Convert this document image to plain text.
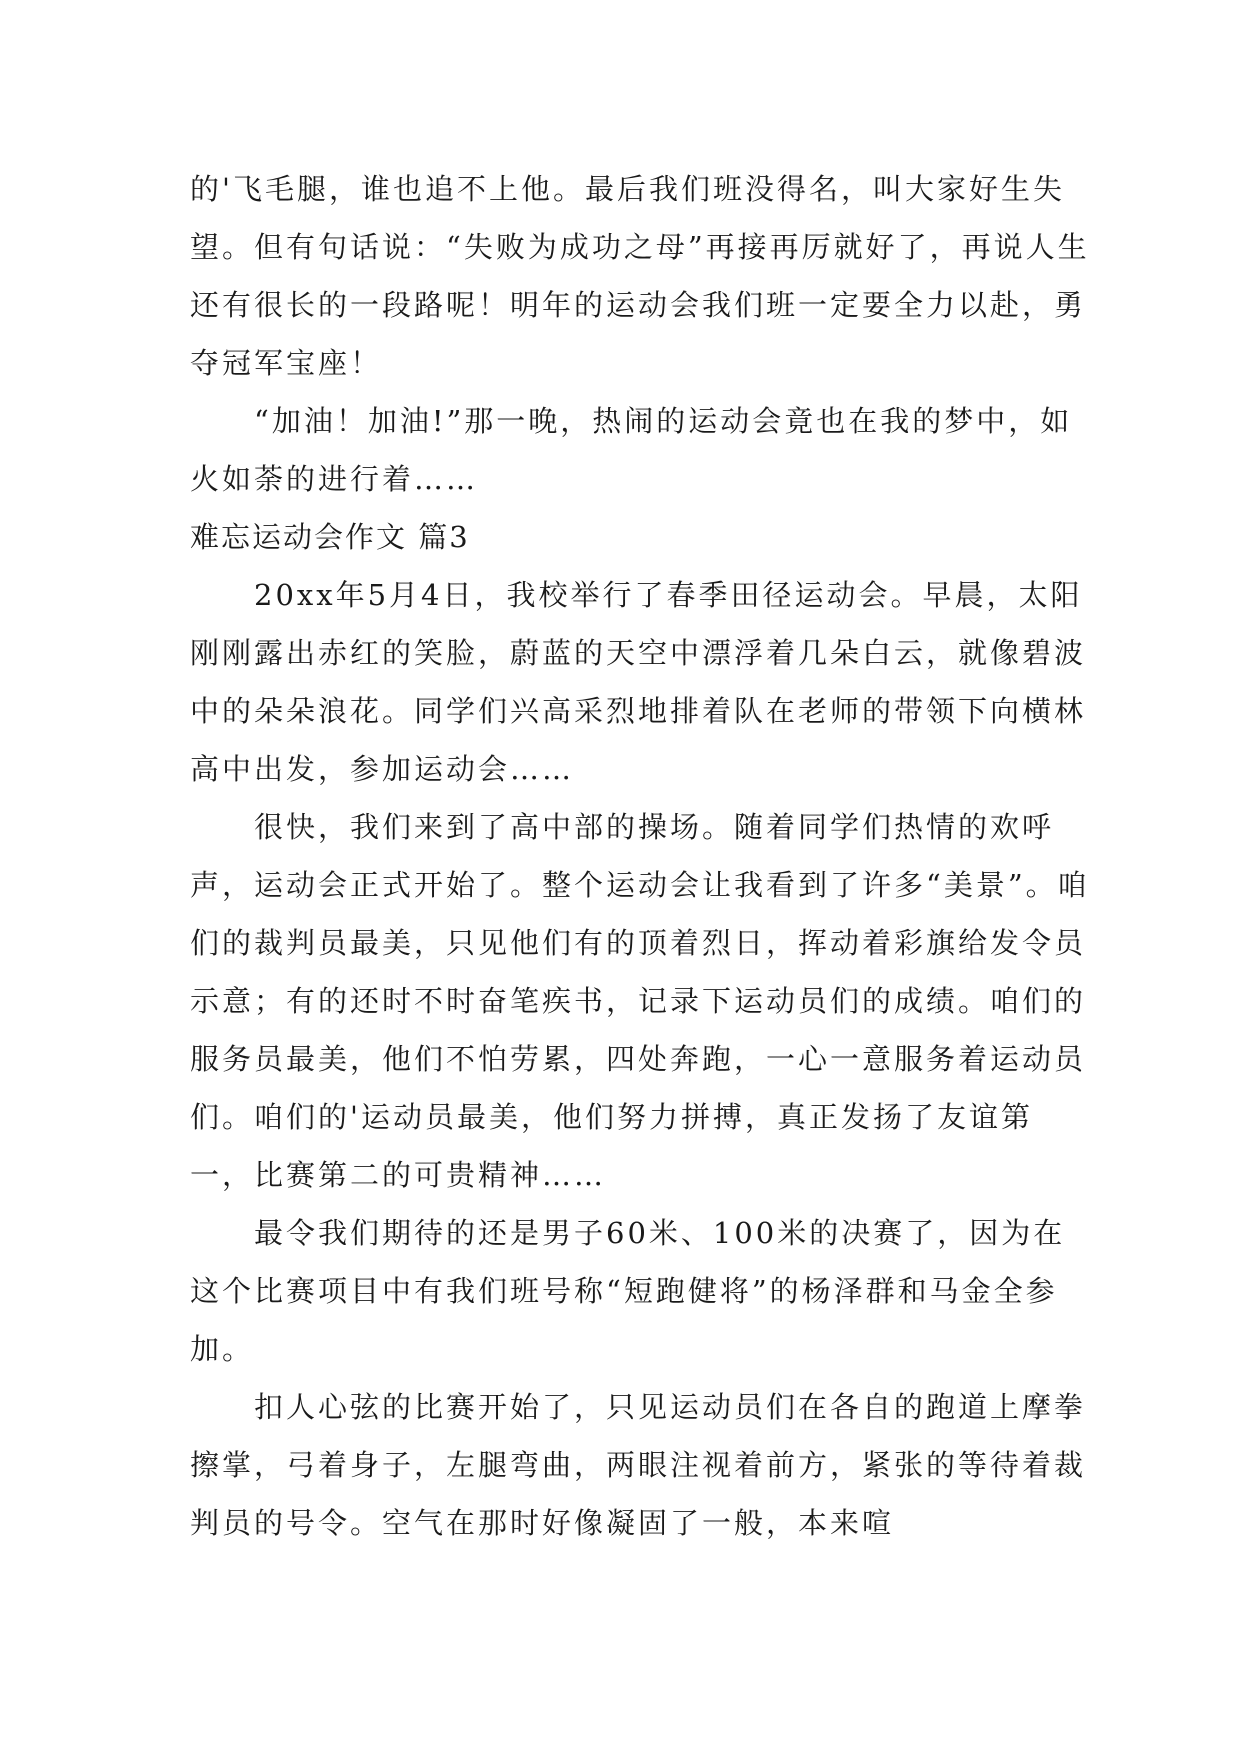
的'飞毛腿，谁也追不上他。最后我们班没得名，叫大家好生失望。但有句话说：“失败为成功之母”再接再厉就好了，再说人生还有很长的一段路呢！明年的运动会我们班一定要全力以赴，勇夺冠军宝座！

“加油！加油!”那一晚，热闹的运动会竟也在我的梦中，如火如荼的进行着……

难忘运动会作文 篇3

20xx年5月4日，我校举行了春季田径运动会。早晨，太阳刚刚露出赤红的笑脸，蔚蓝的天空中漂浮着几朵白云，就像碧波中的朵朵浪花。同学们兴高采烈地排着队在老师的带领下向横林高中出发，参加运动会……

很快，我们来到了高中部的操场。随着同学们热情的欢呼声，运动会正式开始了。整个运动会让我看到了许多“美景”。咱们的裁判员最美，只见他们有的顶着烈日，挥动着彩旗给发令员示意；有的还时不时奋笔疾书，记录下运动员们的成绩。咱们的服务员最美，他们不怕劳累，四处奔跑，一心一意服务着运动员们。咱们的'运动员最美，他们努力拼搏，真正发扬了友谊第一，比赛第二的可贵精神……

最令我们期待的还是男子60米、100米的决赛了，因为在这个比赛项目中有我们班号称“短跑健将”的杨泽群和马金全参加。

扣人心弦的比赛开始了，只见运动员们在各自的跑道上摩拳擦掌，弓着身子，左腿弯曲，两眼注视着前方，紧张的等待着裁判员的号令。空气在那时好像凝固了一般，本来喧
